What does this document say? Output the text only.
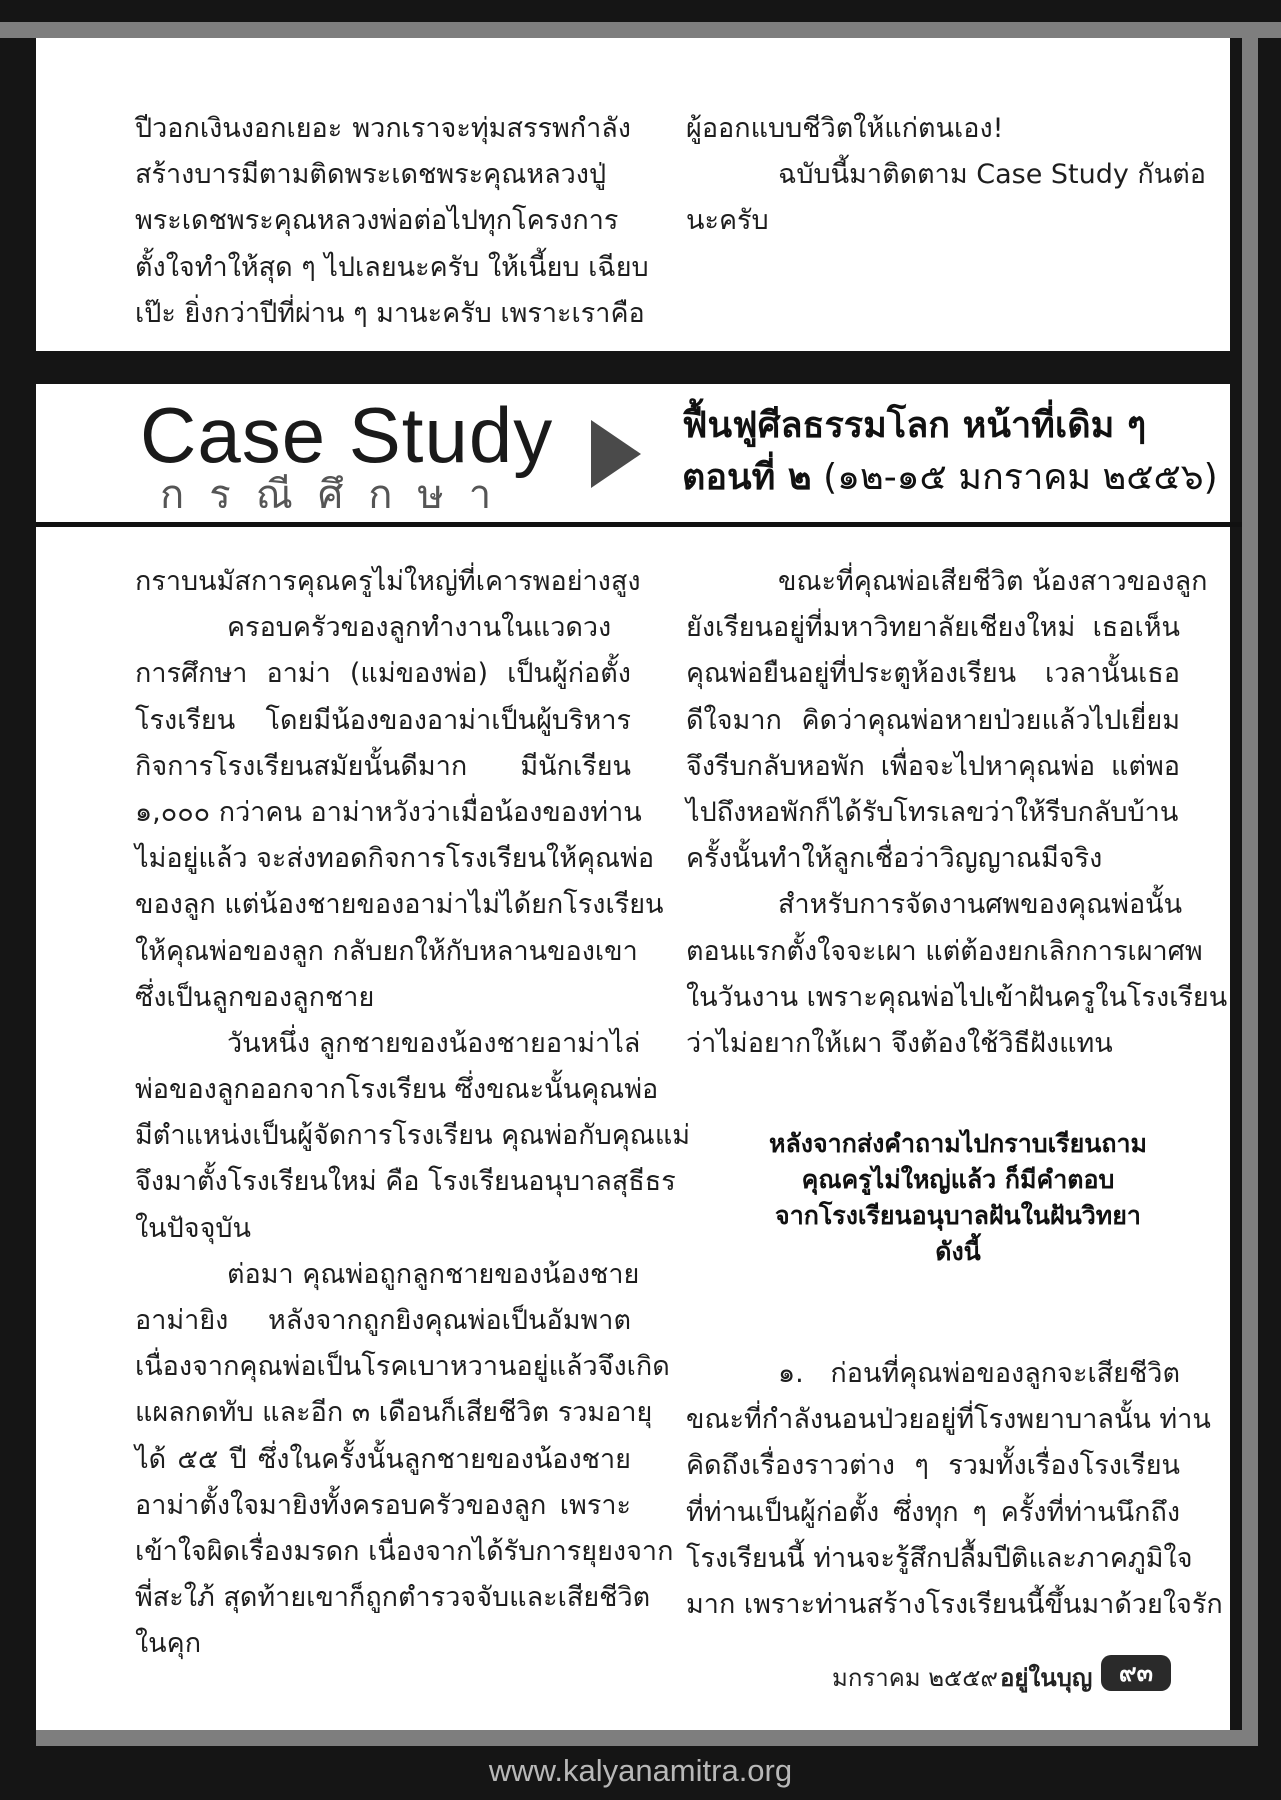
ปีวอกเงินงอกเยอะ พวกเราจะทุ่มสรรพกำลัง
สร้างบารมีตามติดพระเดชพระคุณหลวงปู่
พระเดชพระคุณหลวงพ่อต่อไปทุกโครงการ
ตั้งใจทำให้สุด ๆ ไปเลยนะครับ ให้เนี้ยบ เฉียบ
เป๊ะ ยิ่งกว่าปีที่ผ่าน ๆ มานะครับ เพราะเราคือ
ผู้ออกแบบชีวิตให้แก่ตนเอง!
ฉบับนี้มาติดตาม Case Study กันต่อ
นะครับ
Case Study
กรณีศึกษา
ฟื้นฟูศีลธรรมโลก หน้าที่เดิม ๆ
ตอนที่ ๒ (๑๒-๑๕ มกราคม ๒๕๕๖)
กราบนมัสการคุณครูไม่ใหญ่ที่เคารพอย่างสูง
ครอบครัวของลูกทำงานในแวดวง
การศึกษา อาม่า (แม่ของพ่อ) เป็นผู้ก่อตั้ง
โรงเรียน โดยมีน้องของอาม่าเป็นผู้บริหาร
กิจการโรงเรียนสมัยนั้นดีมาก มีนักเรียน
๑,๐๐๐ กว่าคน อาม่าหวังว่าเมื่อน้องของท่าน
ไม่อยู่แล้ว จะส่งทอดกิจการโรงเรียนให้คุณพ่อ
ของลูก แต่น้องชายของอาม่าไม่ได้ยกโรงเรียน
ให้คุณพ่อของลูก กลับยกให้กับหลานของเขา
ซึ่งเป็นลูกของลูกชาย
วันหนึ่ง ลูกชายของน้องชายอาม่าไล่
พ่อของลูกออกจากโรงเรียน ซึ่งขณะนั้นคุณพ่อ
มีตำแหน่งเป็นผู้จัดการโรงเรียน คุณพ่อกับคุณแม่
จึงมาตั้งโรงเรียนใหม่ คือ โรงเรียนอนุบาลสุธีธร
ในปัจจุบัน
ต่อมา คุณพ่อถูกลูกชายของน้องชาย
อาม่ายิง หลังจากถูกยิงคุณพ่อเป็นอัมพาต
เนื่องจากคุณพ่อเป็นโรคเบาหวานอยู่แล้วจึงเกิด
แผลกดทับ และอีก ๓ เดือนก็เสียชีวิต รวมอายุ
ได้ ๕๕ ปี ซึ่งในครั้งนั้นลูกชายของน้องชาย
อาม่าตั้งใจมายิงทั้งครอบครัวของลูก เพราะ
เข้าใจผิดเรื่องมรดก เนื่องจากได้รับการยุยงจาก
พี่สะใภ้ สุดท้ายเขาก็ถูกตำรวจจับและเสียชีวิต
ในคุก
ขณะที่คุณพ่อเสียชีวิต น้องสาวของลูก
ยังเรียนอยู่ที่มหาวิทยาลัยเชียงใหม่ เธอเห็น
คุณพ่อยืนอยู่ที่ประตูห้องเรียน เวลานั้นเธอ
ดีใจมาก คิดว่าคุณพ่อหายป่วยแล้วไปเยี่ยม
จึงรีบกลับหอพัก เพื่อจะไปหาคุณพ่อ แต่พอ
ไปถึงหอพักก็ได้รับโทรเลขว่าให้รีบกลับบ้าน
ครั้งนั้นทำให้ลูกเชื่อว่าวิญญาณมีจริง
สำหรับการจัดงานศพของคุณพ่อนั้น
ตอนแรกตั้งใจจะเผา แต่ต้องยกเลิกการเผาศพ
ในวันงาน เพราะคุณพ่อไปเข้าฝันครูในโรงเรียน
ว่าไม่อยากให้เผา จึงต้องใช้วิธีฝังแทน
หลังจากส่งคำถามไปกราบเรียนถาม
คุณครูไม่ใหญ่แล้ว ก็มีคำตอบ
จากโรงเรียนอนุบาลฝันในฝันวิทยา
ดังนี้
๑. ก่อนที่คุณพ่อของลูกจะเสียชีวิต
ขณะที่กำลังนอนป่วยอยู่ที่โรงพยาบาลนั้น ท่าน
คิดถึงเรื่องราวต่าง ๆ รวมทั้งเรื่องโรงเรียน
ที่ท่านเป็นผู้ก่อตั้ง ซึ่งทุก ๆ ครั้งที่ท่านนึกถึง
โรงเรียนนี้ ท่านจะรู้สึกปลื้มปีติและภาคภูมิใจ
มาก เพราะท่านสร้างโรงเรียนนี้ขึ้นมาด้วยใจรัก
มกราคม ๒๕๕๙ อยู่ในบุญ	๙๓
www.kalyanamitra.org
